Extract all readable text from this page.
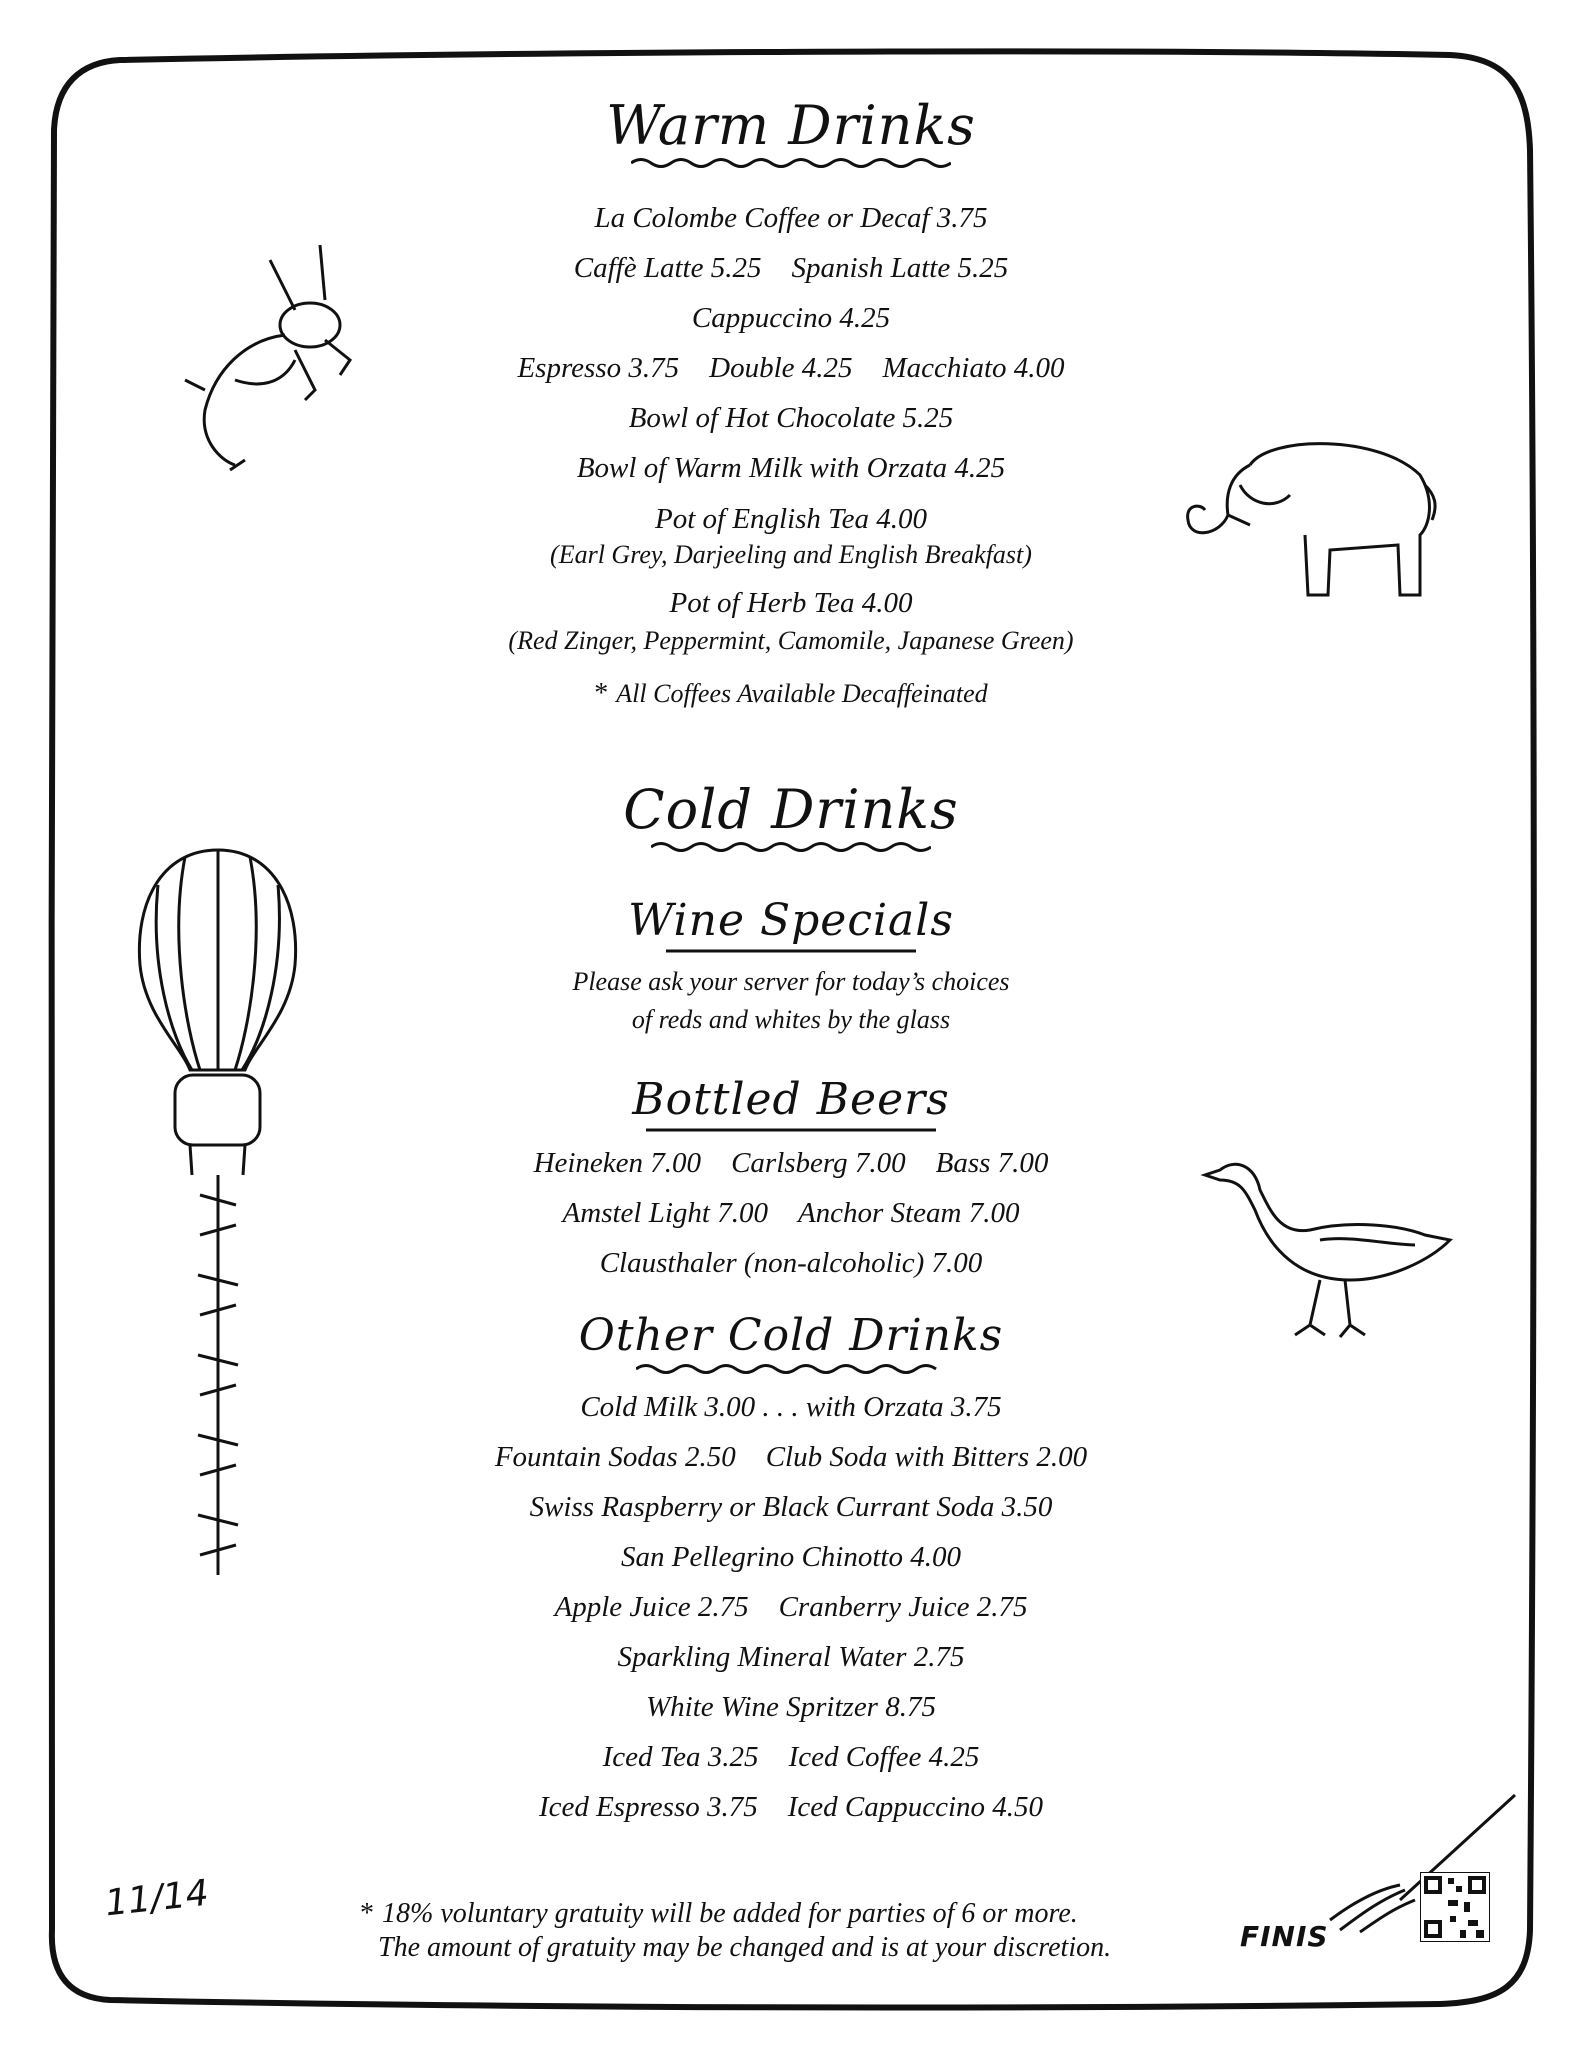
Warm Drinks
La Colombe Coffee or Decaf 3.75
Caffè Latte 5.25 Spanish Latte 5.25
Cappuccino 4.25
Espresso 3.75 Double 4.25 Macchiato 4.00
Bowl of Hot Chocolate 5.25
Bowl of Warm Milk with Orzata 4.25
Pot of English Tea 4.00
(Earl Grey, Darjeeling and English Breakfast)
Pot of Herb Tea 4.00
(Red Zinger, Peppermint, Camomile, Japanese Green)
* All Coffees Available Decaffeinated
Cold Drinks
Wine Specials
Please ask your server for today’s choices
of reds and whites by the glass
Bottled Beers
Heineken 7.00 Carlsberg 7.00 Bass 7.00
Amstel Light 7.00 Anchor Steam 7.00
Clausthaler (non-alcoholic) 7.00
Other Cold Drinks
Cold Milk 3.00 . . . with Orzata 3.75
Fountain Sodas 2.50 Club Soda with Bitters 2.00
Swiss Raspberry or Black Currant Soda 3.50
San Pellegrino Chinotto 4.00
Apple Juice 2.75 Cranberry Juice 2.75
Sparkling Mineral Water 2.75
White Wine Spritzer 8.75
Iced Tea 3.25 Iced Coffee 4.25
Iced Espresso 3.75 Iced Cappuccino 4.50
* 18% voluntary gratuity will be added for parties of 6 or more.
The amount of gratuity may be changed and is at your discretion.
11/14
FINIS
